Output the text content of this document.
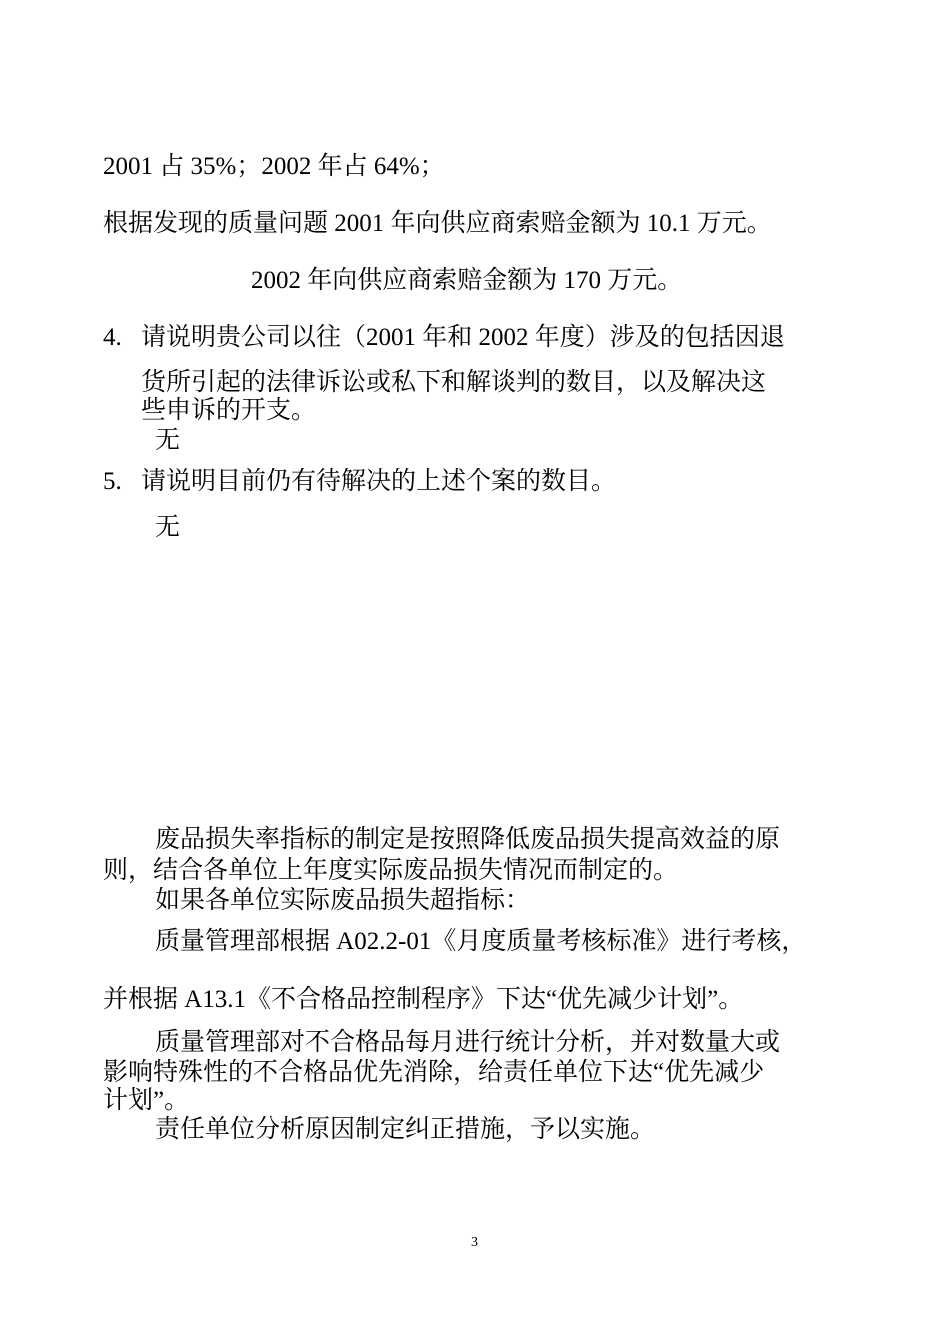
2001 占 35%；2002 年占 64%；
根据发现的质量问题 2001 年向供应商索赔金额为 10.1 万元。
2002 年向供应商索赔金额为 170 万元。
4. 请说明贵公司以往（2001 年和 2002 年度）涉及的包括因退
货所引起的法律诉讼或私下和解谈判的数目，以及解决这
些申诉的开支。
无
5. 请说明目前仍有待解决的上述个案的数目。
无
废品损失率指标的制定是按照降低废品损失提高效益的原
则，结合各单位上年度实际废品损失情况而制定的。
如果各单位实际废品损失超指标：
质量管理部根据 A02.2-01《月度质量考核标准》进行考核，
并根据 A13.1《不合格品控制程序》下达“优先减少计划”。
质量管理部对不合格品每月进行统计分析，并对数量大或
影响特殊性的不合格品优先消除，给责任单位下达“优先减少
计划”。
责任单位分析原因制定纠正措施，予以实施。
3
